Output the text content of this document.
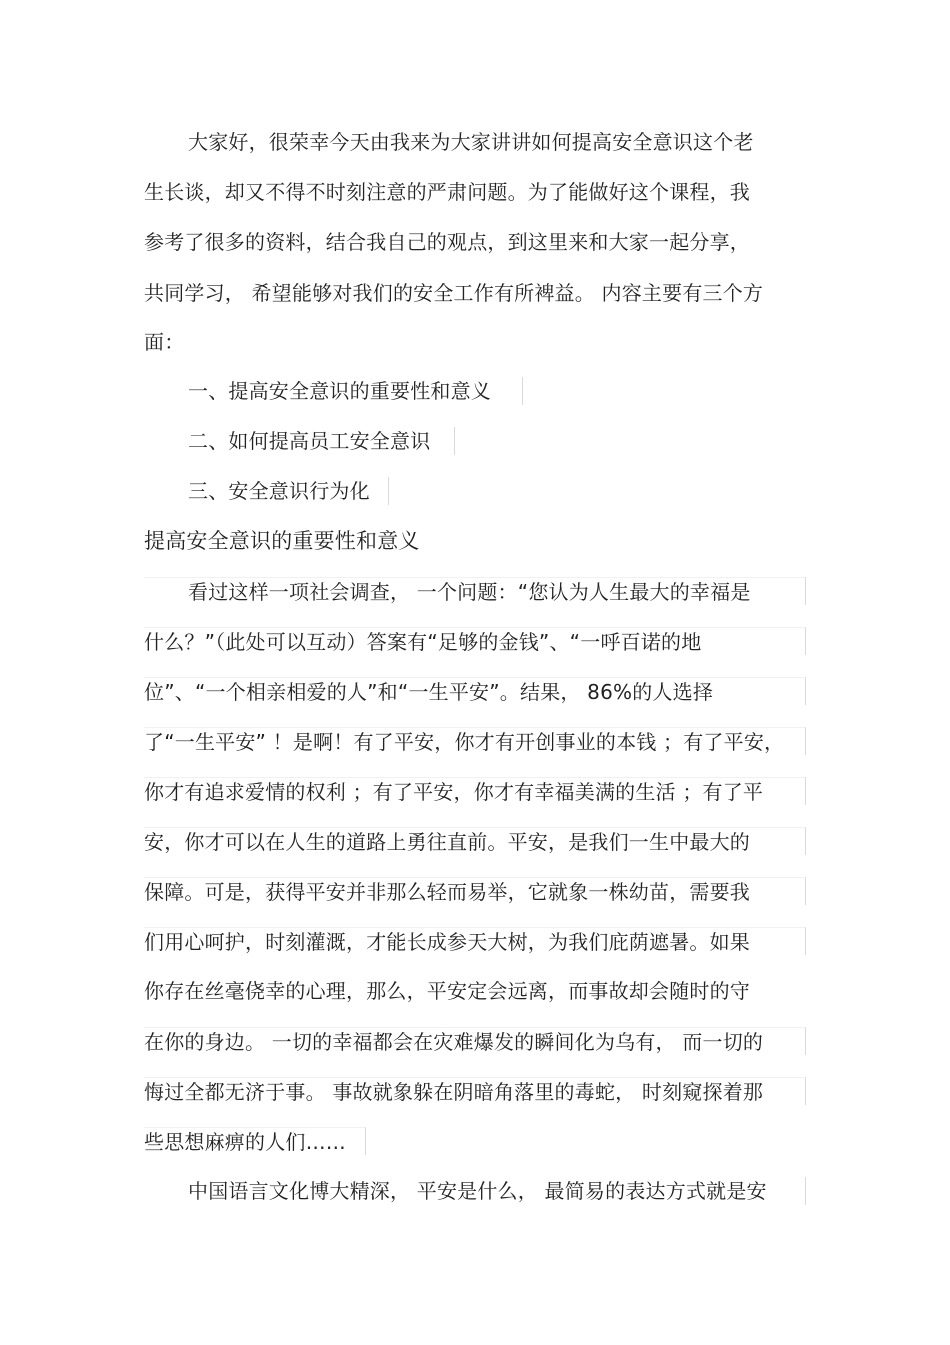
大家好，很荣幸今天由我来为大家讲讲如何提高安全意识这个老
生长谈，却又不得不时刻注意的严肃问题。为了能做好这个课程，我
参考了很多的资料，结合我自己的观点，到这里来和大家一起分享，
共同学习， 希望能够对我们的安全工作有所裨益。 内容主要有三个方
面：
一、提高安全意识的重要性和意义
二、如何提高员工安全意识
三、安全意识行为化
提高安全意识的重要性和意义
看过这样一项社会调查， 一个问题：“您认为人生最大的幸福是
什么？”（此处可以互动）答案有“足够的金钱”、“一呼百诺的地
位”、“一个相亲相爱的人”和“一生平安”。结果， 86%的人选择
了“一生平安” ！是啊！有了平安，你才有开创事业的本钱 ；有了平安，
你才有追求爱情的权利 ；有了平安，你才有幸福美满的生活 ；有了平
安，你才可以在人生的道路上勇往直前。平安，是我们一生中最大的
保障。可是，获得平安并非那么轻而易举，它就象一株幼苗，需要我
们用心呵护，时刻灌溉，才能长成参天大树，为我们庇荫遮暑。如果
你存在丝毫侥幸的心理，那么，平安定会远离，而事故却会随时的守
在你的身边。 一切的幸福都会在灾难爆发的瞬间化为乌有， 而一切的
悔过全都无济于事。 事故就象躲在阴暗角落里的毒蛇， 时刻窥探着那
些思想麻痹的人们……
中国语言文化博大精深， 平安是什么， 最简易的表达方式就是安
